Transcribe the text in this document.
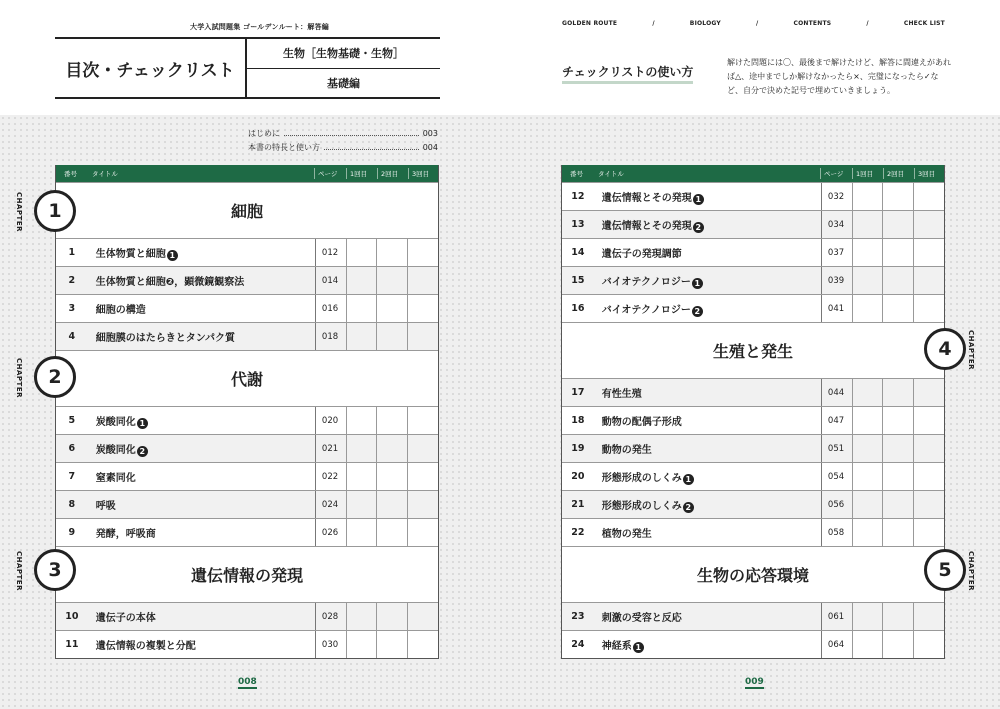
大学入試問題集 ゴールデンルート：解答編
目次・チェックリスト
生物［生物基礎・生物］
基礎編
GOLDEN ROUTE	/	BIOLOGY	/	CONTENTS	/	CHECK LIST
チェックリストの使い方
解けた問題には〇、最後まで解けたけど、解答に間違えがあれば△、途中までしか解けなかったら×、完璧になったら✓など、自分で決めた記号で埋めていきましょう。
はじめに	003
本書の特長と使い方	004
番号 タイトル	ページ 1回目 2回目 3回目
細胞
1	生体物質と細胞 1	012
2	生体物質と細胞❷，顕微鏡観察法	014
3	細胞の構造	016
4	細胞膜のはたらきとタンパク質	018
代謝
5	炭酸同化 1	020
6	炭酸同化 2	021
7	窒素同化	022
8	呼吸	024
9	発酵，呼吸商	026
遺伝情報の発現
10	遺伝子の本体	028
11	遺伝情報の複製と分配	030
番号 タイトル	ページ 1回目 2回目 3回目
12	遺伝情報とその発現 1	032
13	遺伝情報とその発現 2	034
14	遺伝子の発現調節	037
15	バイオテクノロジー 1	039
16	バイオテクノロジー 2	041
生殖と発生
17	有性生殖	044
18	動物の配偶子形成	047
19	動物の発生	051
20	形態形成のしくみ 1	054
21	形態形成のしくみ 2	056
22	植物の発生	058
生物の応答環境
23	刺激の受容と反応	061
24	神経系 1	064
1
2
3
4
5
CHAPTER
CHAPTER
CHAPTER
CHAPTER
CHAPTER
008	009
